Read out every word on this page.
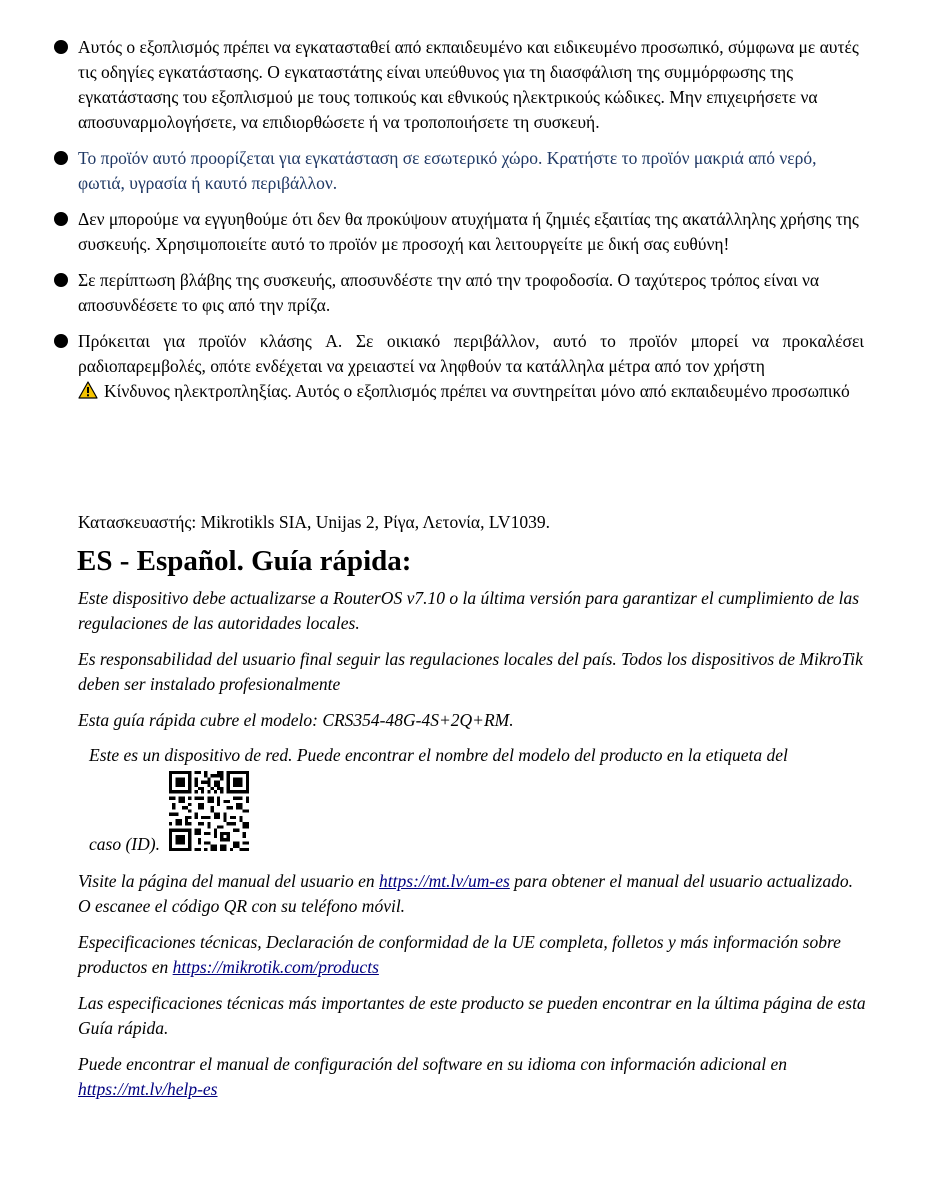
Αυτός ο εξοπλισμός πρέπει να εγκατασταθεί από εκπαιδευμένο και ειδικευμένο προσωπικό, σύμφωνα με αυτές τις οδηγίες εγκατάστασης. Ο εγκαταστάτης είναι υπεύθυνος για τη διασφάλιση της συμμόρφωσης της εγκατάστασης του εξοπλισμού με τους τοπικούς και εθνικούς ηλεκτρικούς κώδικες. Μην επιχειρήσετε να αποσυναρμολογήσετε, να επιδιορθώσετε ή να τροποποιήσετε τη συσκευή.
Το προϊόν αυτό προορίζεται για εγκατάσταση σε εσωτερικό χώρο. Κρατήστε το προϊόν μακριά από νερό, φωτιά, υγρασία ή καυτό περιβάλλον.
Δεν μπορούμε να εγγυηθούμε ότι δεν θα προκύψουν ατυχήματα ή ζημιές εξαιτίας της ακατάλληλης χρήσης της συσκευής. Χρησιμοποιείτε αυτό το προϊόν με προσοχή και λειτουργείτε με δική σας ευθύνη!
Σε περίπτωση βλάβης της συσκευής, αποσυνδέστε την από την τροφοδοσία. Ο ταχύτερος τρόπος είναι να αποσυνδέσετε το φις από την πρίζα.
Πρόκειται για προϊόν κλάσης A. Σε οικιακό περιβάλλον, αυτό το προϊόν μπορεί να προκαλέσει ραδιοπαρεμβολές, οπότε ενδέχεται να χρειαστεί να ληφθούν τα κατάλληλα μέτρα από τον χρήστη
Κίνδυνος ηλεκτροπληξίας. Αυτός ο εξοπλισμός πρέπει να συντηρείται μόνο από εκπαιδευμένο προσωπικό

Κατασκευαστής: Mikrotikls SIA, Unijas 2, Ρίγα, Λετονία, LV1039.

ES - Español. Guía rápida:

Este dispositivo debe actualizarse a RouterOS v7.10 o la última versión para garantizar el cumplimiento de las regulaciones de las autoridades locales.

Es responsabilidad del usuario final seguir las regulaciones locales del país. Todos los dispositivos de MikroTik deben ser instalado profesionalmente

Esta guía rápida cubre el modelo: CRS354-48G-4S+2Q+RM.

Este es un dispositivo de red. Puede encontrar el nombre del modelo del producto en la etiqueta del

caso (ID).

Visite la página del manual del usuario en https://mt.lv/um-es para obtener el manual del usuario actualizado. O escanee el código QR con su teléfono móvil.

Especificaciones técnicas, Declaración de conformidad de la UE completa, folletos y más información sobre productos en https://mikrotik.com/products

Las especificaciones técnicas más importantes de este producto se pueden encontrar en la última página de esta Guía rápida.

Puede encontrar el manual de configuración del software en su idioma con información adicional en https://mt.lv/help-es
